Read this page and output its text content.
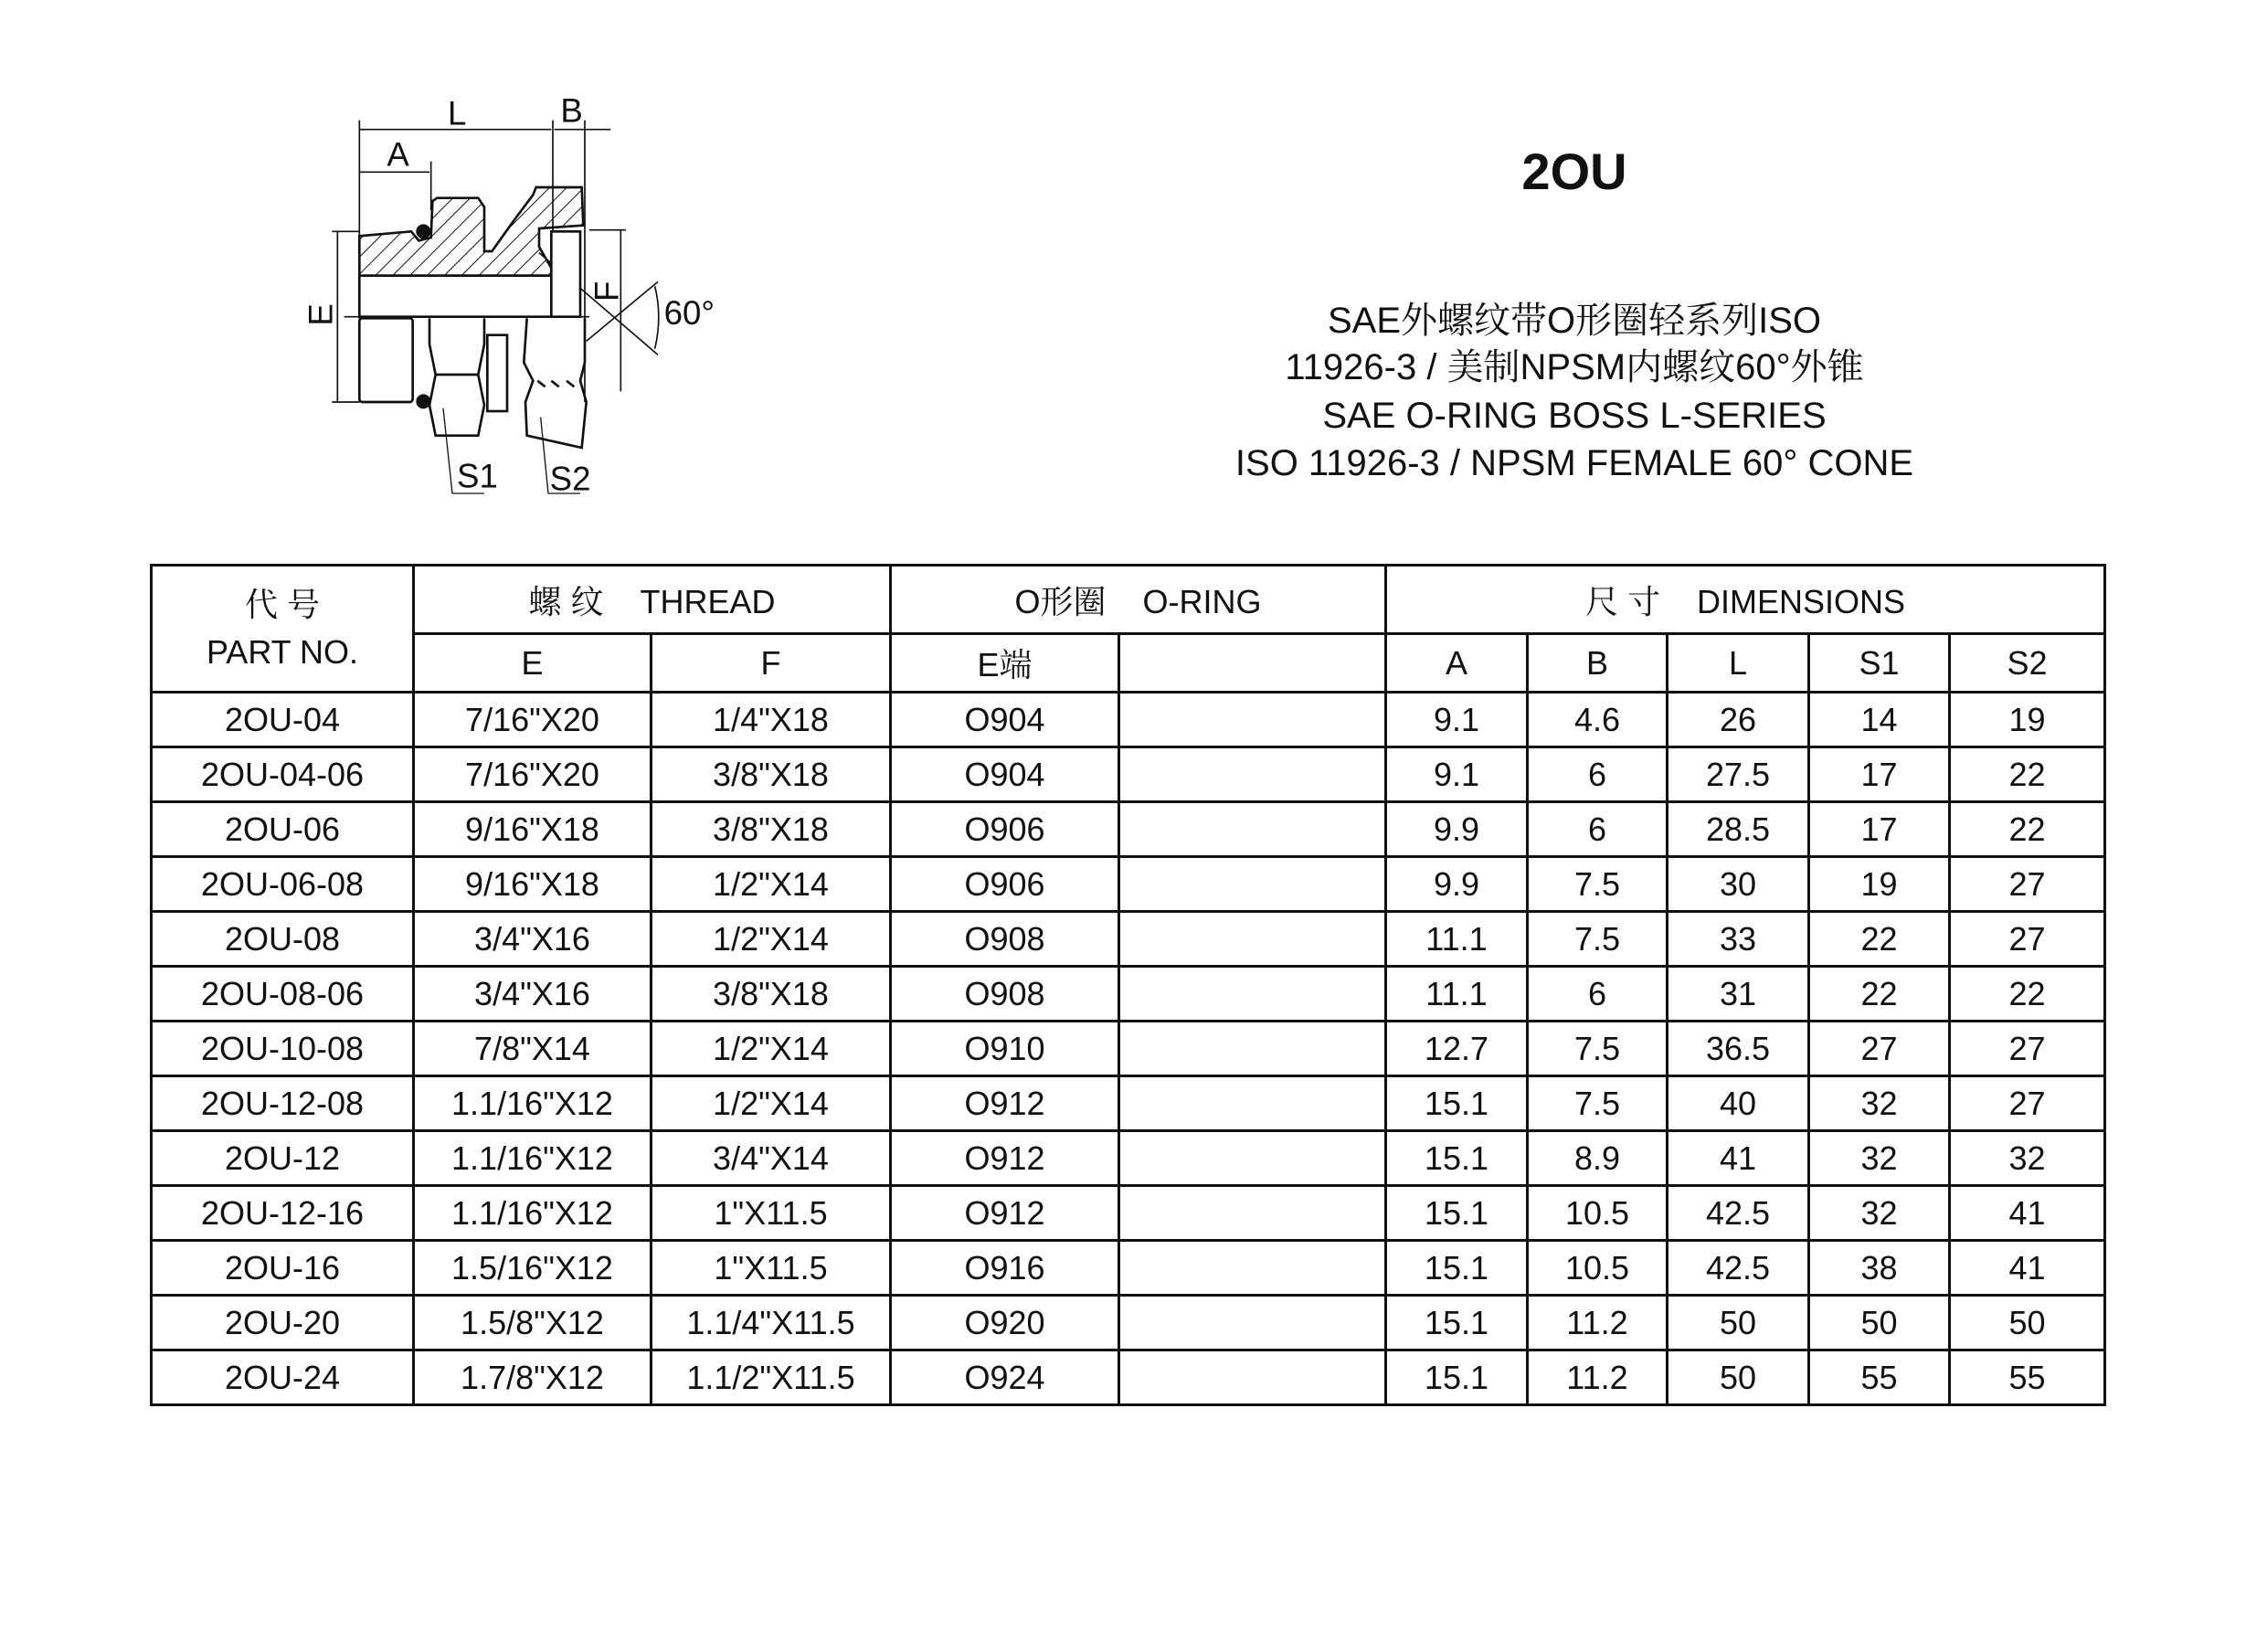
L B
A
E
F
60°
S1 S2
2OU
SAE外螺纹带O形圈轻系列ISO
11926-3 / 美制NPSM内螺纹60°外锥
SAE O-RING BOSS L-SERIES
ISO 11926-3 / NPSM FEMALE 60° CONE
代 号
PART NO.	螺 纹 THREAD		O形圈 O-RING		尺 寸 DIMENSIONS				
	E	F	E端		A	B	L	S1	S2
2OU-04	7/16"X20	1/4"X18	O904		9.1	4.6	26	14	19
2OU-04-06	7/16"X20	3/8"X18	O904		9.1	6	27.5	17	22
2OU-06	9/16"X18	3/8"X18	O906		9.9	6	28.5	17	22
2OU-06-08	9/16"X18	1/2"X14	O906		9.9	7.5	30	19	27
2OU-08	3/4"X16	1/2"X14	O908		11.1	7.5	33	22	27
2OU-08-06	3/4"X16	3/8"X18	O908		11.1	6	31	22	22
2OU-10-08	7/8"X14	1/2"X14	O910		12.7	7.5	36.5	27	27
2OU-12-08	1.1/16"X12	1/2"X14	O912		15.1	7.5	40	32	27
2OU-12	1.1/16"X12	3/4"X14	O912		15.1	8.9	41	32	32
2OU-12-16	1.1/16"X12	1"X11.5	O912		15.1	10.5	42.5	32	41
2OU-16	1.5/16"X12	1"X11.5	O916		15.1	10.5	42.5	38	41
2OU-20	1.5/8"X12	1.1/4"X11.5	O920		15.1	11.2	50	50	50
2OU-24	1.7/8"X12	1.1/2"X11.5	O924		15.1	11.2	50	55	55
